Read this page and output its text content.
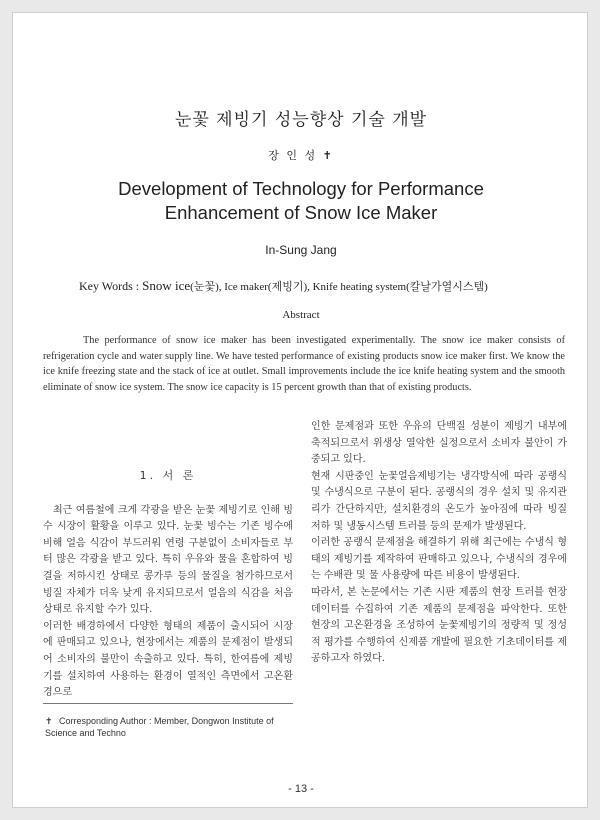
눈꽃 제빙기 성능향상 기술 개발
장 인 성 ✝
Development of Technology for Performance
Enhancement of Snow Ice Maker
In-Sung Jang
Key Words : Snow ice(눈꽃), Ice maker(제빙기), Knife heating system(칼날가열시스템)
Abstract

The performance of snow ice maker has been investigated experimentally. The snow ice maker consists of refrigeration cycle and water supply line. We have tested performance of existing products snow ice maker first. We know the ice knife freezing state and the stack of ice at outlet. Small improvements include the ice knife heating system and the smooth eliminate of snow ice system. The snow ice capacity is 15 percent growth than that of existing products.

1. 서 론

최근 여름철에 크게 각광을 받은 눈꽃 제빙기로 인해 빙수 시장이 활황을 이루고 있다. 눈꽃 빙수는 기존 빙수에 비해 얼음 식감이 부드러워 연령 구분없이 소비자들로 부터 많은 각광을 받고 있다. 특히 우유와 물을 혼합하여 빙결을 저하시킨 상태로 콩가루 등의 물질을 첨가하므로서 빙질 자체가 더욱 낮게 유지되므로서 얼음의 식감을 처음 상태로 유지할 수가 있다.

이러한 배경하에서 다양한 형태의 제품이 출시되어 시장에 판매되고 있으나, 현장에서는 제품의 문제점이 발생되어 소비자의 불만이 속출하고 있다. 특히, 한여름에 제빙기를 설치하여 사용하는 환경이 열적인 측면에서 고온환경으로

인한 문제점과 또한 우유의 단백질 성분이 제빙기 내부에 축적되므로서 위생상 열악한 실정으로서 소비자 불안이 가중되고 있다.

현재 시판중인 눈꽃얼음제빙기는 냉각방식에 따라 공랭식 및 수냉식으로 구분이 된다. 공랭식의 경우 설치 및 유지관리가 간단하지만, 설치환경의 온도가 높아짐에 따라 빙질 저하 및 냉동시스템 트러블 등의 문제가 발생된다.

이러한 공랭식 문제점을 해결하기 위해 최근에는 수냉식 형태의 제빙기를 제작하여 판매하고 있으나, 수냉식의 경우에는 수배관 및 물 사용량에 따른 비용이 발생된다.

따라서, 본 논문에서는 기존 시판 제품의 현장 트러블 현장 데이터를 수집하여 기존 제품의 문제점을 파악한다. 또한 현장의 고온환경을 조성하여 눈꽃제빙기의 정량적 및 정성적 평가를 수행하여 신제품 개발에 필요한 기초데이터를 제공하고자 하였다.

✝ Corresponding Author : Member, Dongwon Institute of Science and Techno
- 13 -
